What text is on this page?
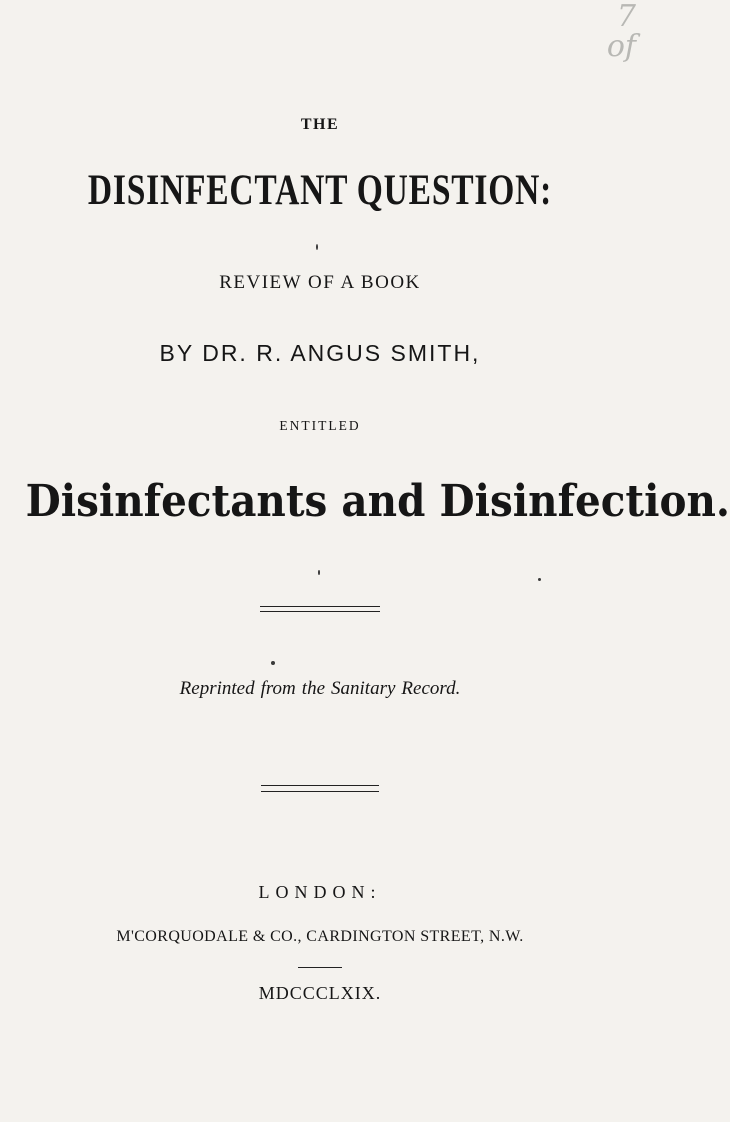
7 of
THE
DISINFECTANT QUESTION:
REVIEW OF A BOOK
BY DR. R. ANGUS SMITH,
ENTITLED
Disinfectants and Disinfection.
Reprinted from the Sanitary Record.
LONDON:
M'CORQUODALE & CO., CARDINGTON STREET, N.W.
MDCCCLXIX.
